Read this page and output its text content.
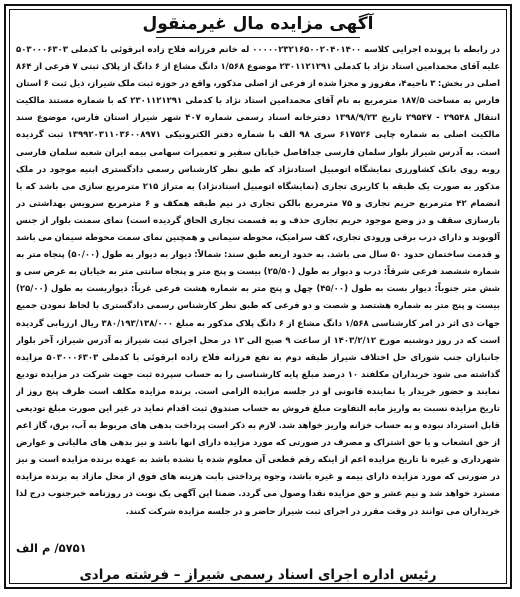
آگهی مزایده مال غیرمنقول
در رابطه با پرونده اجرایی کلاسه ۰۰۰۰۰۲۳۲۱۶۵۰۰۲۰۴۰۱۴۰۰ له خانم فرزانه فلاح زاده ابرقوئی با کدملی ۵۰۳۰۰۰۶۳۰۳ علیه آقای محمدامین استاد نژاد با کدملی ۲۳۰۱۱۲۱۲۹۱ موضوع ۱/۵۶۸ دانگ مشاع از ۶ دانگ از پلاک ثبتی ۷ فرعی از ۸۶۴ اصلی در بخش: ۳ ناحیه۴، مفروز و مجزا شده از فرعی از اصلی مذکور، واقع در حوزه ثبت ملک شیراز، ذیل ثبت ۶ استان فارس به مساحت ۱۸۷/۵ مترمربع به نام آقای محمدامین استاد نژاد با کدملی ۲۳۰۱۱۲۱۲۹۱ که با شماره مستند مالکیت انتقال ۲۹۵۴۸ - ۲۹۵۴۷ تاریخ ۱۳۹۸/۹/۲۳ دفترخانه اسناد رسمی شماره ۴۰۷ شهر شیراز استان فارس، موضوع سند مالکیت اصلی به شماره چاپی ۶۱۷۵۲۶ سری ۹۸ الف با شماره دفتر الکترونیکی ۱۳۹۹۲۰۳۱۱۰۳۶۰۰۸۹۷۱ ثبت گردیده است. به آدرس شیراز بلوار سلمان فارسی جدافاصل خیابان سفیر و تعمیرات سهامی بیمه ایران شعبه سلمان فارسی روبه روی بانک کشاورزی نمایشگاه اتومبیل استادنژاد که طبق نظر کارشناس رسمی دادگستری ابنیه موجود در ملک مذکور به صورت یک طبقه با کاربری تجاری (نمایشگاه اتومبیل استادنژاد) به متراژ ۲۱۵ مترمربع سازی می باشد که با انضمام ۴۲ مترمربع حریم تجاری و ۷۵ مترمربع بالکن تجاری در نیم طبقه همکف و ۶ مترمربع سرویس بهداشتی در بارسازی سقف و در وضع موجود حریم تجاری حذف و به قسمت تجاری الحاق گردیده است) نمای سمنت بلوار از جنس آلوبوند و دارای درب برقی ورودی تجاری، کف سرامیک، محوطه سیمانی و همچنین نمای سمت محوطه سیمان می باشد و قدمت ساختمان حدود ۵۰ سال می باشد. به حدود اربعه طبق سند: شمالاً: دیوار به دیوار به طول (۵۰/۰۰) پنجاه متر به شماره ششصد فرعی شرقاً: درب و دیوار به طول (۲۵/۵۰) بیست و پنج متر و پنجاه سانتی متر به خیابان به عرض سی و شش متر جنوباً: دیوار بست به طول (۴۵/۰۰) چهل و پنج متر به شماره هشت فرعی غرباً: دیواربست به طول (۲۵/۰۰) بیست و پنج متر به شماره هشتصد و شصت و دو فرعی که طبق نظر کارشناس رسمی دادگستری با لحاظ نمودن جمیع جهات ذی اثر در امر کارشناسی ۱/۵۶۸ دانگ مشاع از ۶ دانگ پلاک مذکور به مبلغ ۳۸۰/۱۹۳/۱۳۸/۰۰۰ ریال ارزیابی گردیده است که در روز دوشنبه مورخ ۱۴۰۳/۲/۱۲ از ساعت ۹ صبح الی ۱۲ در محل اجرای ثبت شیراز به آدرس شیراز، آخر بلوار جانبازان جنب شورای حل اختلاف شیراز طبقه دوم به نفع فرزانه فلاح زاده ابرقوئی با کدملی ۵۰۳۰۰۰۶۳۰۳ مزایده گذاشته می شود خریداران مکلفند ۱۰ درصد مبلغ پایه کارشناسی را به حساب سپرده ثبت جهت شرکت در مزایده تودیع نمایند و حضور خریدار یا نماینده قانونی او در جلسه مزایده الزامی است. برنده مزایده مکلف است ظرف پنج روز از تاریخ مزایده نسبت به واریز مابه التفاوت مبلغ فروش به حساب صندوق ثبت اقدام نماید در غیر این صورت مبلغ تودیعی قابل استرداد نبوده و به حساب خزانه واریز خواهد شد. لازم به ذکر است پرداخت بدهی های مربوط به آب، برق، گاز اعم از حق انشعاب و یا حق اشتراک و مصرف در صورتی که مورد مزایده دارای انها باشد و نیز بدهی های مالیاتی و عوارض شهرداری و غیره تا تاریخ مزایده اعم از اینکه رقم قطعی آن معلوم شده یا نشده باشد به عهده برنده مزایده است و نیز در صورتی که مورد مزایده دارای بیمه و غیره باشد، وجوه پرداختی بابت هزینه های فوق از محل مازاد به برنده مزایده مسترد خواهد شد و نیم عشر و حق مزایده نقدا وصول می گردد. ضمنا این آگهی یک نوبت در روزنامه خبرجنوب درج لذا خریداران می توانند در وقت مقرر در اجرای ثبت شیراز حاضر و در جلسه مزایده شرکت کنند.
۵۷۵۱/ م الف
رئیس اداره اجرای اسناد رسمی شیراز – فرشته مرادی
